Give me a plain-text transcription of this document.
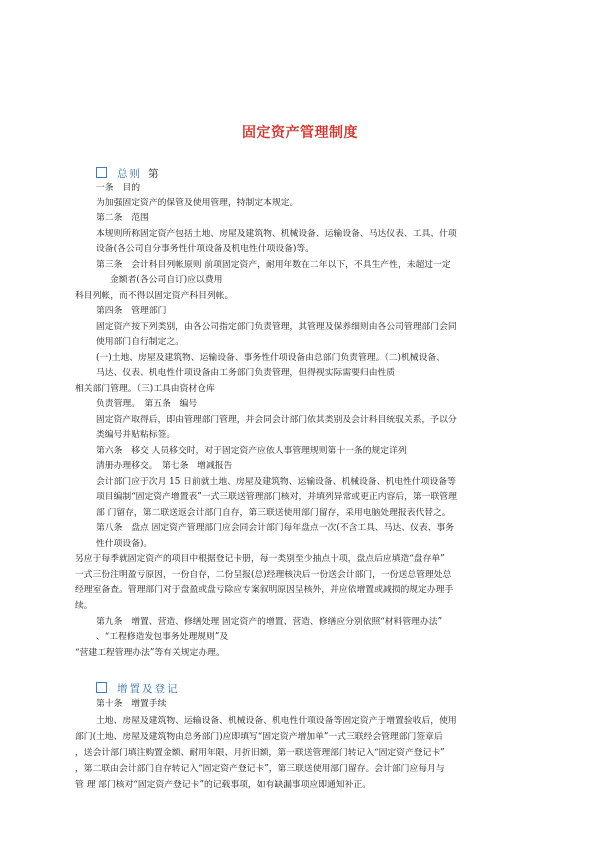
固定资产管理制度
总则 第
一条　目的
为加强固定资产的保管及使用管理，特制定本规定。
第二条　范围
本规则所称固定资产包括土地、房屋及建筑物、机械设备、运输设备、马达仪表、工具、什项
设备(各公司自分事务性什项设备及机电性什项设备)等。
第三条　会计科目列帐原则 前项固定资产，耐用年数在二年以下，不具生产性，未超过一定
金额者(各公司自订)应以费用
科目列帐，而不得以固定资产科目列帐。
第四条　管理部门
固定资产按下列类别，由各公司指定部门负责管理，其管理及保养细则由各公司管理部门会同
使用部门自行制定之。
(一)土地、房屋及建筑物、运输设备、事务性什项设备由总部门负责管理。（二)机械设备、
马达、仪表、机电性什项设备由工务部门负责管理，但得视实际需要归由性质
相关部门管理。（三)工具由资材仓库
负责管理。　第五条　编号
固定资产取得后，即由管理部门管理，并会同会计部门依其类别及会计科目统驭关系，予以分
类编号并贴粘标签。
第六条　移交 人员移交时，对于固定资产应依人事管理规则第十一条的规定详列
清册办理移交。　第七条　增减报告
会计部门应于次月 15 日前就土地、房屋及建筑物、运输设备、机械设备、机电性什项设备等
项目编制“固定资产增置表”一式三联送管理部门核对，并填列异常或更正内容后，第一联管理
部 门留存，第二联送返会计部门自存，第三联送使用部门留存，采用电脑处理报表代替之。
第八条　盘点 固定资产管理部门应会同会计部门每年盘点一次(不含工具、马达、仪表、事务
性什项设备)。
另应于每季就固定资产的项目中根据登记卡册，每一类别至少抽点十项，盘点后应填造“盘存单”
一式三份注明盈亏原因，一份自存，二份呈报(总)经理核决后一份送会计部门，一份送总管理处总
经理室备查。管理部门对于盘盈或盘亏除应专案叙明原因呈核外，并应依增置或减损的规定办理手
续。
第九条　增置、营造、修缮处理 固定资产的增置、营造、修缮应分别依照“材料管理办法”
、“工程修造发包事务处理规则”及
“营建工程管理办法”等有关规定办理。
增置及登记
第十条　增置手续
土地、房屋及建筑物、运输设备、机械设备、机电性什项设备等固定资产于增置验收后，使用
部门(土地、房屋及建筑物由总务部门)应即填写“固定资产增加单”一式三联经会管理部门签章后
，送会计部门填注购置金额、耐用年限、月折旧额，第一联送管理部门转记入“固定资产登记卡”
，第二联由会计部门自存转记入“固定资产登记卡”，第三联送使用部门留存。会计部门应每月与
管 理 部门核对“固定资产登记卡”的记载事项，如有缺漏事项应即通知补正。
